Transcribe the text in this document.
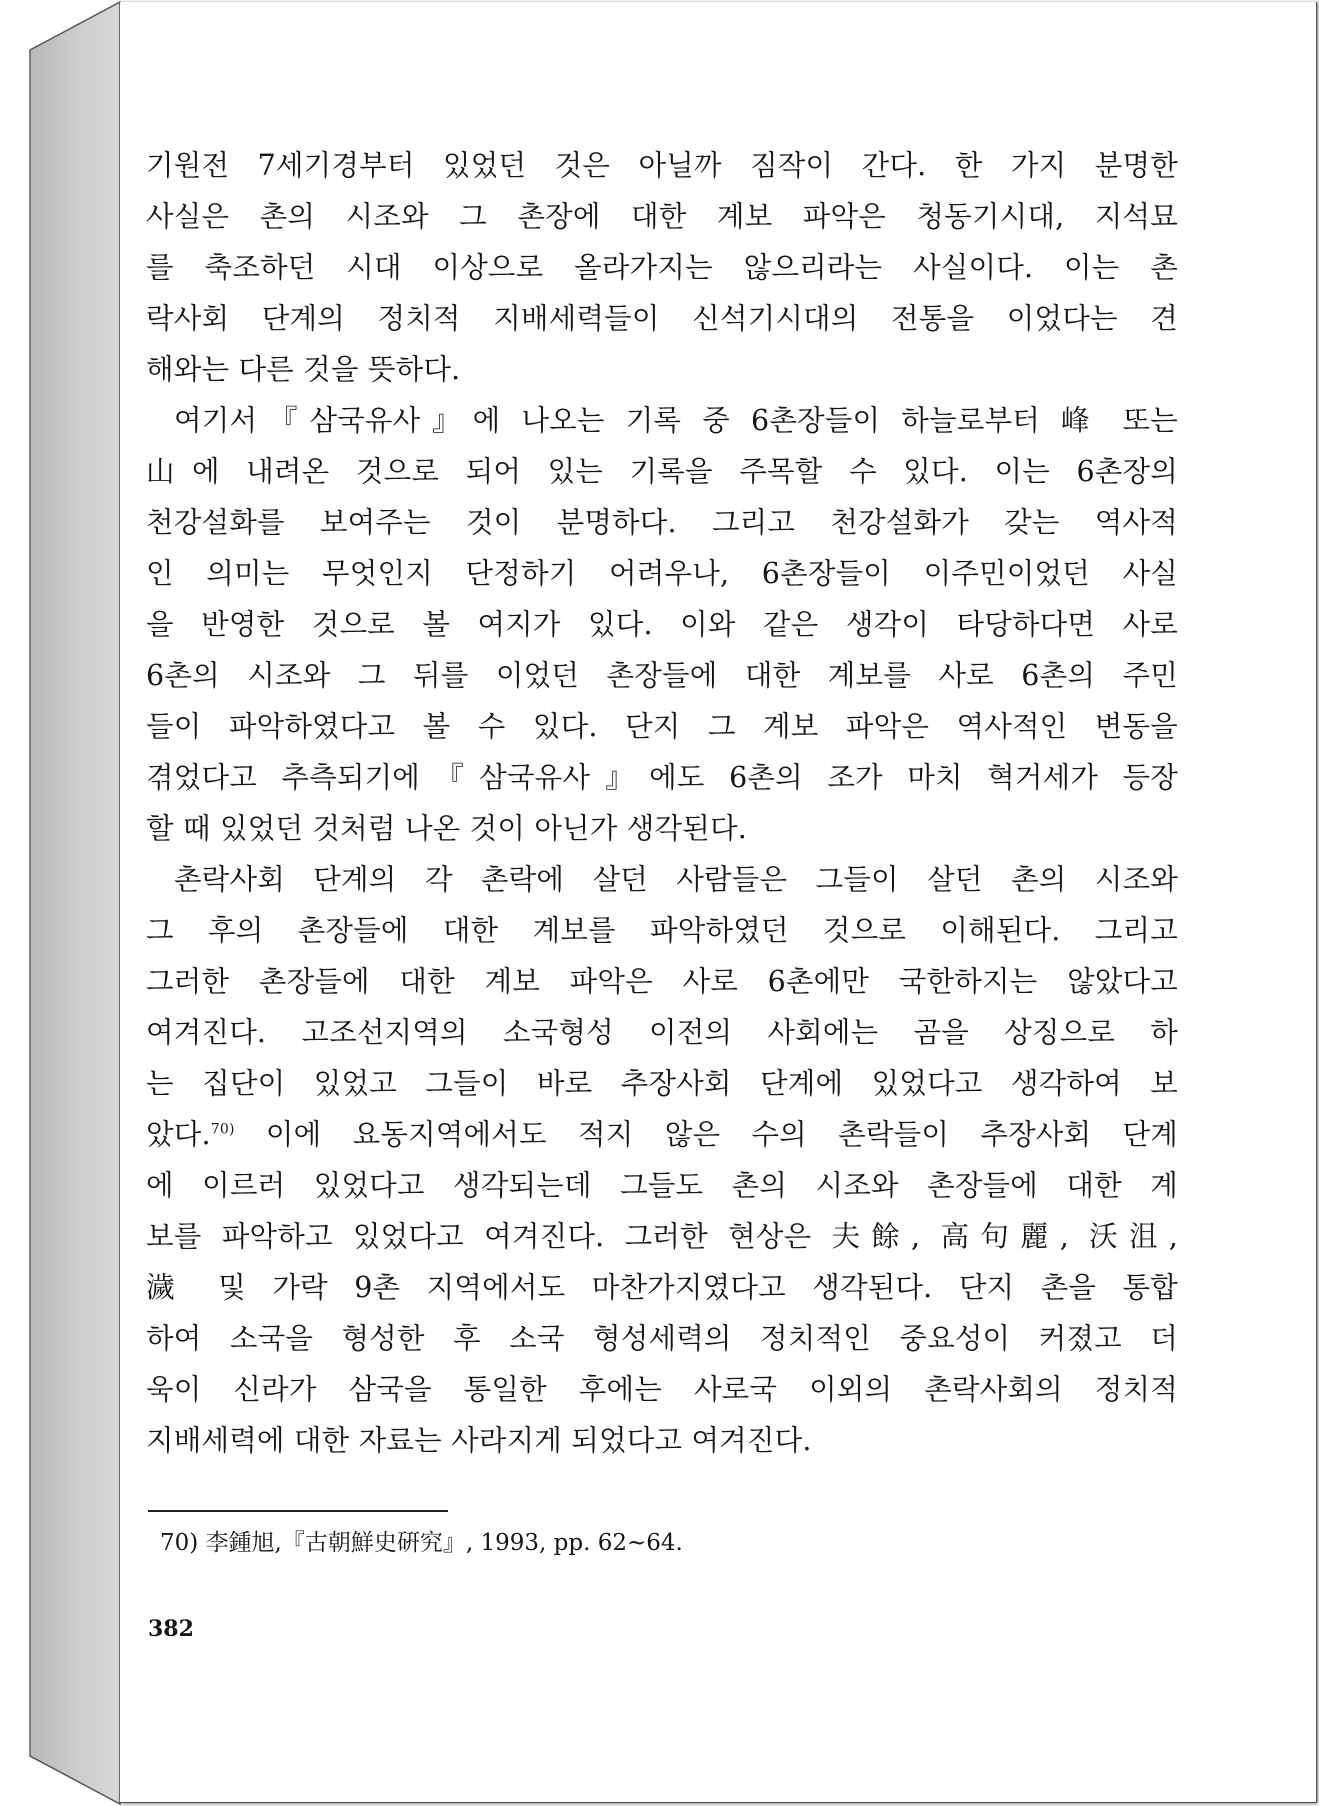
기원전 7세기경부터 있었던 것은 아닐까 짐작이 간다. 한 가지 분명한
사실은 촌의 시조와 그 촌장에 대한 계보 파악은 청동기시대, 지석묘
를 축조하던 시대 이상으로 올라가지는 않으리라는 사실이다. 이는 촌
락사회 단계의 정치적 지배세력들이 신석기시대의 전통을 이었다는 견
해와는 다른 것을 뜻하다.
여기서『삼국유사』에 나오는 기록 중 6촌장들이 하늘로부터 峰 또는
山에 내려온 것으로 되어 있는 기록을 주목할 수 있다. 이는 6촌장의
천강설화를 보여주는 것이 분명하다. 그리고 천강설화가 갖는 역사적
인 의미는 무엇인지 단정하기 어려우나, 6촌장들이 이주민이었던 사실
을 반영한 것으로 볼 여지가 있다. 이와 같은 생각이 타당하다면 사로
6촌의 시조와 그 뒤를 이었던 촌장들에 대한 계보를 사로 6촌의 주민
들이 파악하였다고 볼 수 있다. 단지 그 계보 파악은 역사적인 변동을
겪었다고 추측되기에『삼국유사』에도 6촌의 조가 마치 혁거세가 등장
할 때 있었던 것처럼 나온 것이 아닌가 생각된다.
촌락사회 단계의 각 촌락에 살던 사람들은 그들이 살던 촌의 시조와
그 후의 촌장들에 대한 계보를 파악하였던 것으로 이해된다. 그리고
그러한 촌장들에 대한 계보 파악은 사로 6촌에만 국한하지는 않았다고
여겨진다. 고조선지역의 소국형성 이전의 사회에는 곰을 상징으로 하
는 집단이 있었고 그들이 바로 추장사회 단계에 있었다고 생각하여 보
았다.$^{70)}$ 이에 요동지역에서도 적지 않은 수의 촌락들이 추장사회 단계
에 이르러 있었다고 생각되는데 그들도 촌의 시조와 촌장들에 대한 계
보를 파악하고 있었다고 여겨진다. 그러한 현상은 夫餘, 高句麗, 沃沮,
濊 및 가락 9촌 지역에서도 마찬가지였다고 생각된다. 단지 촌을 통합
하여 소국을 형성한 후 소국 형성세력의 정치적인 중요성이 커졌고 더
욱이 신라가 삼국을 통일한 후에는 사로국 이외의 촌락사회의 정치적
지배세력에 대한 자료는 사라지게 되었다고 여겨진다.
70) 李鍾旭,『古朝鮮史硏究』, 1993, pp. 62~64.
382
